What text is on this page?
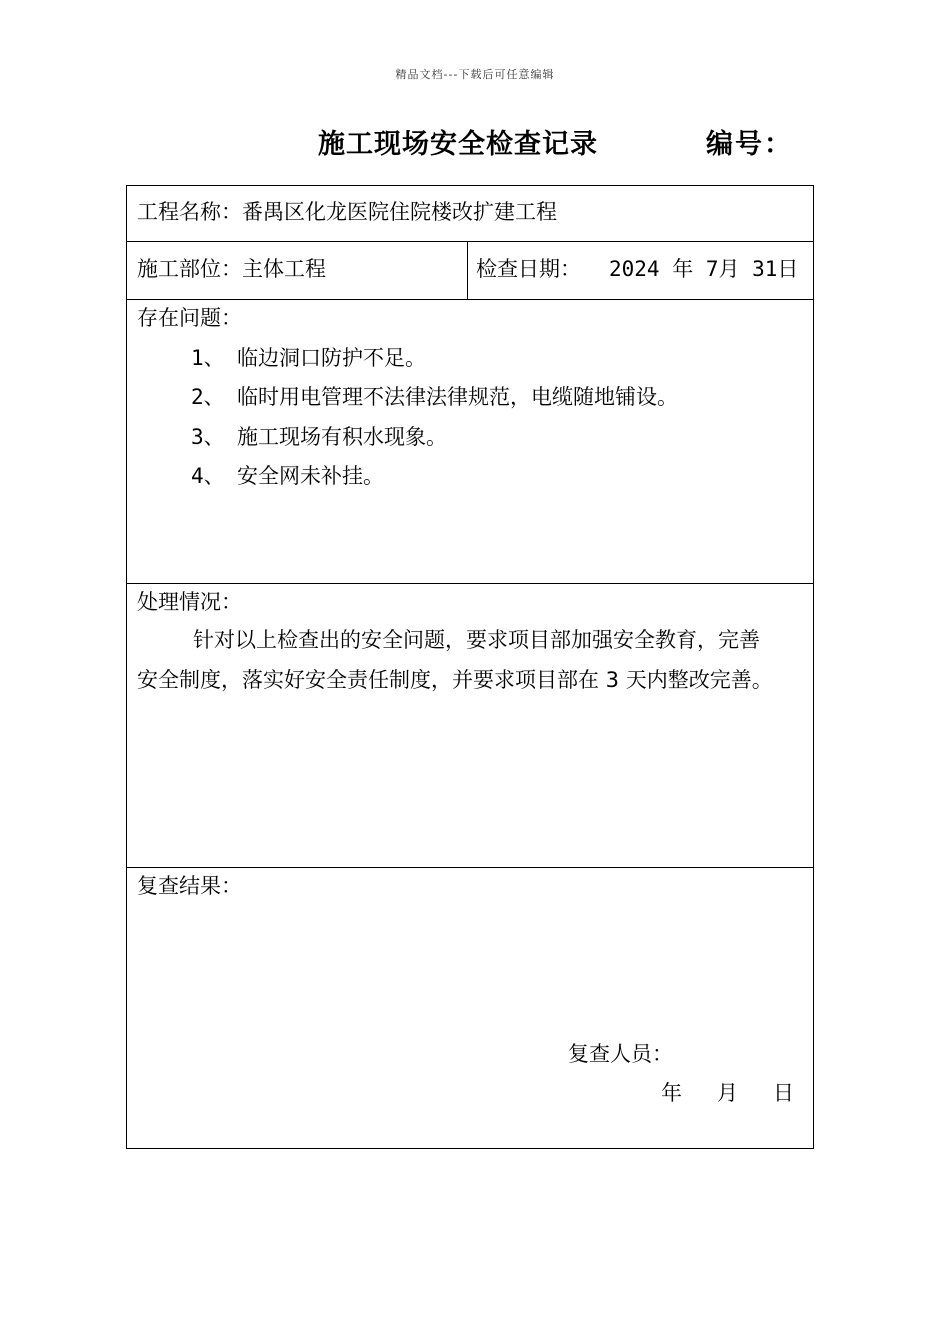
精品文档---下载后可任意编辑
施工现场安全检查记录	编号：
工程名称： 番禺区化龙医院住院楼改扩建工程
施工部位： 主体工程	检查日期： 2024 年 7月 31日
存在问题：
1、 临边洞口防护不足。
2、 临时用电管理不法律法律规范，电缆随地铺设。
3、 施工现场有积水现象。
4、 安全网未补挂。
处理情况：
针对以上检查出的安全问题，要求项目部加强安全教育，完善
安全制度，落实好安全责任制度，并要求项目部在 3 天内整改完善。
复查结果：
复查人员：
年 月 日
